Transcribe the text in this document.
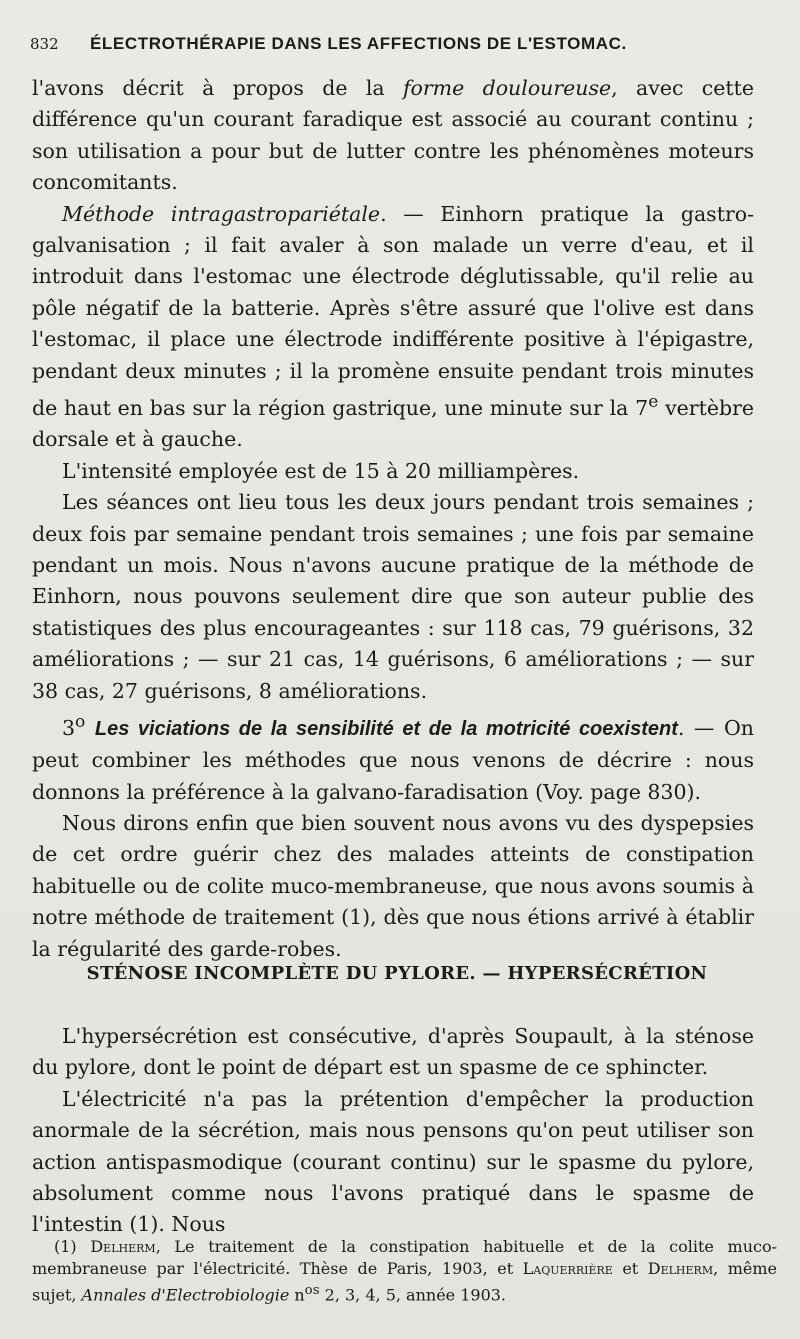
832 ÉLECTROTHÉRAPIE DANS LES AFFECTIONS DE L'ESTOMAC.

l'avons décrit à propos de la forme douloureuse, avec cette différence qu'un courant faradique est associé au courant continu ; son utilisation a pour but de lutter contre les phénomènes moteurs concomitants.

Méthode intragastropariétale. — Einhorn pratique la gastro-galvanisation ; il fait avaler à son malade un verre d'eau, et il introduit dans l'estomac une électrode déglutissable, qu'il relie au pôle négatif de la batterie. Après s'être assuré que l'olive est dans l'estomac, il place une électrode indifférente positive à l'épigastre, pendant deux minutes ; il la promène ensuite pendant trois minutes de haut en bas sur la région gastrique, une minute sur la 7e vertèbre dorsale et à gauche.

L'intensité employée est de 15 à 20 milliampères.

Les séances ont lieu tous les deux jours pendant trois semaines ; deux fois par semaine pendant trois semaines ; une fois par semaine pendant un mois. Nous n'avons aucune pratique de la méthode de Einhorn, nous pouvons seulement dire que son auteur publie des statistiques des plus encourageantes : sur 118 cas, 79 guérisons, 32 améliorations ; — sur 21 cas, 14 guérisons, 6 améliorations ; — sur 38 cas, 27 guérisons, 8 améliorations.

3$^o$ Les viciations de la sensibilité et de la motricité coexistent. — On peut combiner les méthodes que nous venons de décrire : nous donnons la préférence à la galvano-faradisation (Voy. page 830).

Nous dirons enfin que bien souvent nous avons vu des dyspepsies de cet ordre guérir chez des malades atteints de constipation habituelle ou de colite muco-membraneuse, que nous avons soumis à notre méthode de traitement (1), dès que nous étions arrivé à établir la régularité des garde-robes.

STÉNOSE INCOMPLÈTE DU PYLORE. — HYPERSÉCRÉTION

L'hypersécrétion est consécutive, d'après Soupault, à la sténose du pylore, dont le point de départ est un spasme de ce sphincter.

L'électricité n'a pas la prétention d'empêcher la production anormale de la sécrétion, mais nous pensons qu'on peut utiliser son action antispasmodique (courant continu) sur le spasme du pylore, absolument comme nous l'avons pratiqué dans le spasme de l'intestin (1). Nous

(1) Delherm, Le traitement de la constipation habituelle et de la colite muco-membraneuse par l'électricité. Thèse de Paris, 1903, et Laquerrière et Delherm, même sujet, Annales d'Electrobiologie $n^{os}$ 2, 3, 4, 5, année 1903.
